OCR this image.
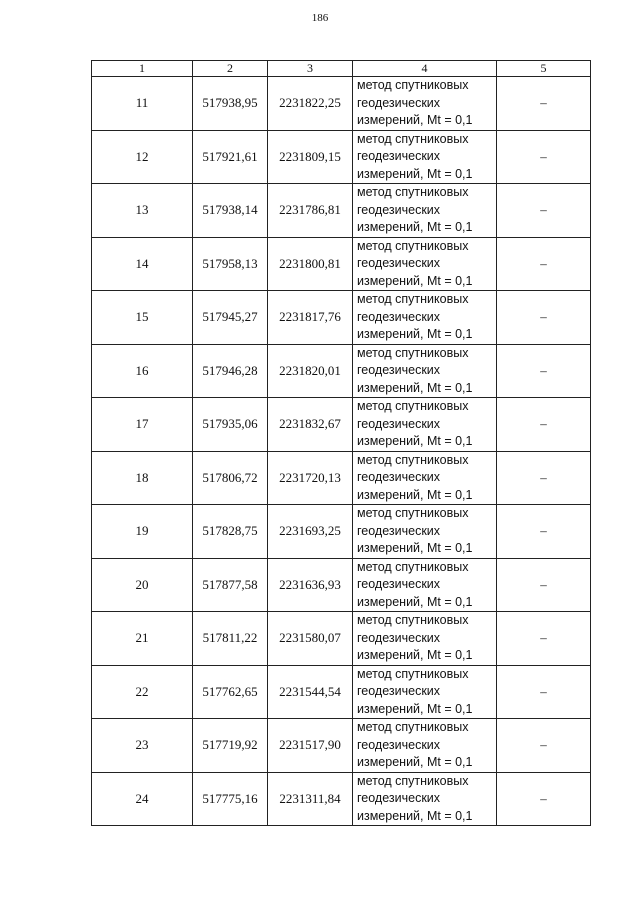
186
1	2	3	4	5
11	517938,95	2231822,25	метод спутниковых
геодезических
измерений, Mt = 0,1	–
12	517921,61	2231809,15	метод спутниковых
геодезических
измерений, Mt = 0,1	–
13	517938,14	2231786,81	метод спутниковых
геодезических
измерений, Mt = 0,1	–
14	517958,13	2231800,81	метод спутниковых
геодезических
измерений, Mt = 0,1	–
15	517945,27	2231817,76	метод спутниковых
геодезических
измерений, Mt = 0,1	–
16	517946,28	2231820,01	метод спутниковых
геодезических
измерений, Mt = 0,1	–
17	517935,06	2231832,67	метод спутниковых
геодезических
измерений, Mt = 0,1	–
18	517806,72	2231720,13	метод спутниковых
геодезических
измерений, Mt = 0,1	–
19	517828,75	2231693,25	метод спутниковых
геодезических
измерений, Mt = 0,1	–
20	517877,58	2231636,93	метод спутниковых
геодезических
измерений, Mt = 0,1	–
21	517811,22	2231580,07	метод спутниковых
геодезических
измерений, Mt = 0,1	–
22	517762,65	2231544,54	метод спутниковых
геодезических
измерений, Mt = 0,1	–
23	517719,92	2231517,90	метод спутниковых
геодезических
измерений, Mt = 0,1	–
24	517775,16	2231311,84	метод спутниковых
геодезических
измерений, Mt = 0,1	–
